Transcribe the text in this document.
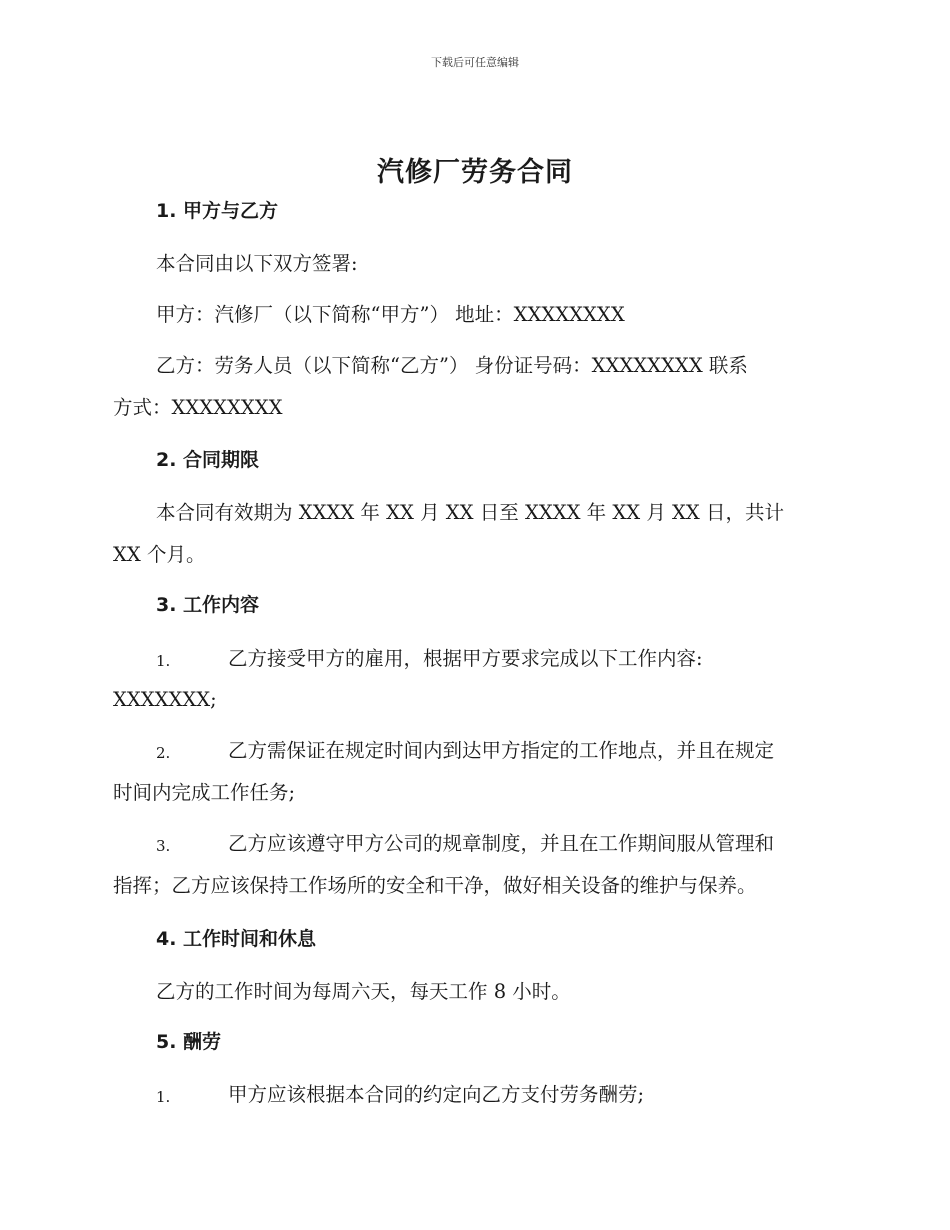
下载后可任意编辑
汽修厂劳务合同
1. 甲方与乙方
本合同由以下双方签署:
甲方：汽修厂（以下简称“甲方”） 地址：XXXXXXXX
乙方：劳务人员（以下简称“乙方”） 身份证号码：XXXXXXXX 联系
方式：XXXXXXXX
2. 合同期限
本合同有效期为 XXXX 年 XX 月 XX 日至 XXXX 年 XX 月 XX 日，共计
XX 个月。
3. 工作内容
1.	乙方接受甲方的雇用，根据甲方要求完成以下工作内容:
XXXXXXX;
2.	乙方需保证在规定时间内到达甲方指定的工作地点，并且在规定
时间内完成工作任务;
3.	乙方应该遵守甲方公司的规章制度，并且在工作期间服从管理和
指挥；乙方应该保持工作场所的安全和干净，做好相关设备的维护与保养。
4. 工作时间和休息
乙方的工作时间为每周六天，每天工作 8 小时。
5. 酬劳
1.	甲方应该根据本合同的约定向乙方支付劳务酬劳;
